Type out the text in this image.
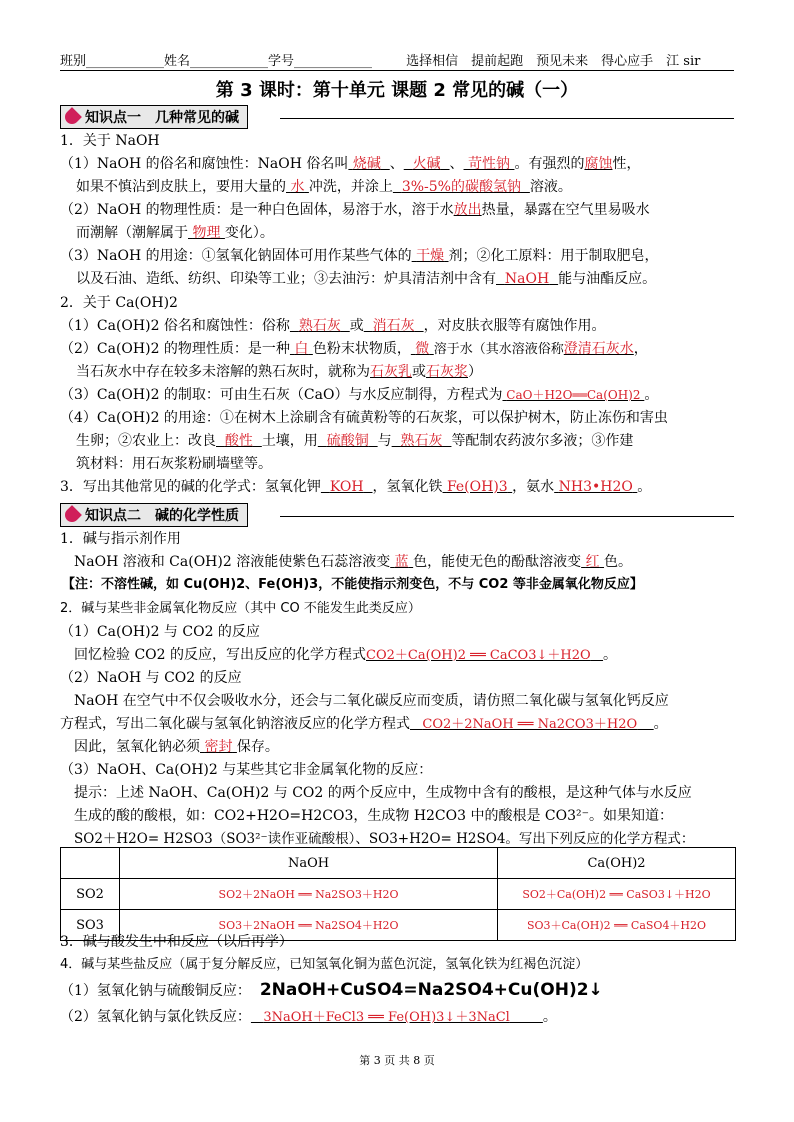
班别____________姓名____________学号____________	选择相信　提前起跑　预见未来　得心应手　江 sir
第 3 课时：第十单元 课题 2 常见的碱（一）
知识点一　几种常见的碱
1．关于 NaOH
（1）NaOH 的俗名和腐蚀性：NaOH 俗名叫 烧碱 、 火碱 、 苛性钠 。有强烈的腐蚀性，
如果不慎沾到皮肤上，要用大量的 水 冲洗，并涂上 3%-5%的碳酸氢钠 溶液。
（2）NaOH 的物理性质：是一种白色固体，易溶于水，溶于水放出热量，暴露在空气里易吸水
而潮解（潮解属于 物理 变化）。
（3）NaOH 的用途：①氢氧化钠固体可用作某些气体的 干燥 剂；②化工原料：用于制取肥皂，
以及石油、造纸、纺织、印染等工业；③去油污：炉具清洁剂中含有 NaOH 能与油酯反应。
2．关于 Ca(OH)2
（1）Ca(OH)2 俗名和腐蚀性：俗称 熟石灰 或 消石灰 ，对皮肤衣服等有腐蚀作用。
（2）Ca(OH)2 的物理性质：是一种 白 色粉末状物质， 微 溶于水（其水溶液俗称澄清石灰水，
当石灰水中存在较多未溶解的熟石灰时，就称为石灰乳或石灰浆）
（3）Ca(OH)2 的制取：可由生石灰（CaO）与水反应制得，方程式为 CaO＋H2O══Ca(OH)2 。
（4）Ca(OH)2 的用途：①在树木上涂刷含有硫黄粉等的石灰浆，可以保护树木，防止冻伤和害虫
生卵；②农业上：改良 酸性 土壤，用 硫酸铜 与 熟石灰 等配制农药波尔多液；③作建
筑材料：用石灰浆粉刷墙壁等。
3．写出其他常见的碱的化学式：氢氧化钾 KOH ，氢氧化铁 Fe(OH)3 ，氨水 NH3•H2O 。
知识点二　碱的化学性质
1．碱与指示剂作用
NaOH 溶液和 Ca(OH)2 溶液能使紫色石蕊溶液变 蓝 色，能使无色的酚酞溶液变 红 色。
【注：不溶性碱，如 Cu(OH)2、Fe(OH)3，不能使指示剂变色，不与 CO2 等非金属氧化物反应】
2．碱与某些非金属氧化物反应（其中 CO 不能发生此类反应）
（1）Ca(OH)2 与 CO2 的反应
回忆检验 CO2 的反应，写出反应的化学方程式CO2＋Ca(OH)2 ══ CaCO3↓＋H2O 。
（2）NaOH 与 CO2 的反应
NaOH 在空气中不仅会吸收水分，还会与二氧化碳反应而变质，请仿照二氧化碳与氢氧化钙反应
方程式，写出二氧化碳与氢氧化钠溶液反应的化学方程式 CO2＋2NaOH ══ Na2CO3＋H2O 。
因此，氢氧化钠必须 密封 保存。
（3）NaOH、Ca(OH)2 与某些其它非金属氧化物的反应：
提示：上述 NaOH、Ca(OH)2 与 CO2 的两个反应中，生成物中含有的酸根，是这种气体与水反应
生成的酸的酸根，如：CO2+H2O=H2CO3，生成物 H2CO3 中的酸根是 CO3²⁻。如果知道：
SO2＋H2O= H2SO3（SO3²⁻读作亚硫酸根）、SO3+H2O= H2SO4。写出下列反应的化学方程式：
	NaOH	Ca(OH)2
SO2	SO2＋2NaOH ══ Na2SO3＋H2O	SO2＋Ca(OH)2 ══ CaSO3↓＋H2O
SO3	SO3＋2NaOH ══ Na2SO4＋H2O	SO3＋Ca(OH)2 ══ CaSO4＋H2O
3．碱与酸发生中和反应（以后再学）
4．碱与某些盐反应（属于复分解反应，已知氢氧化铜为蓝色沉淀，氢氧化铁为红褐色沉淀）
（1）氢氧化钠与硫酸铜反应： 2NaOH+CuSO4=Na2SO4+Cu(OH)2↓
（2）氢氧化钠与氯化铁反应： 3NaOH＋FeCl3 ══ Fe(OH)3↓＋3NaCl 。
第 3 页 共 8 页
